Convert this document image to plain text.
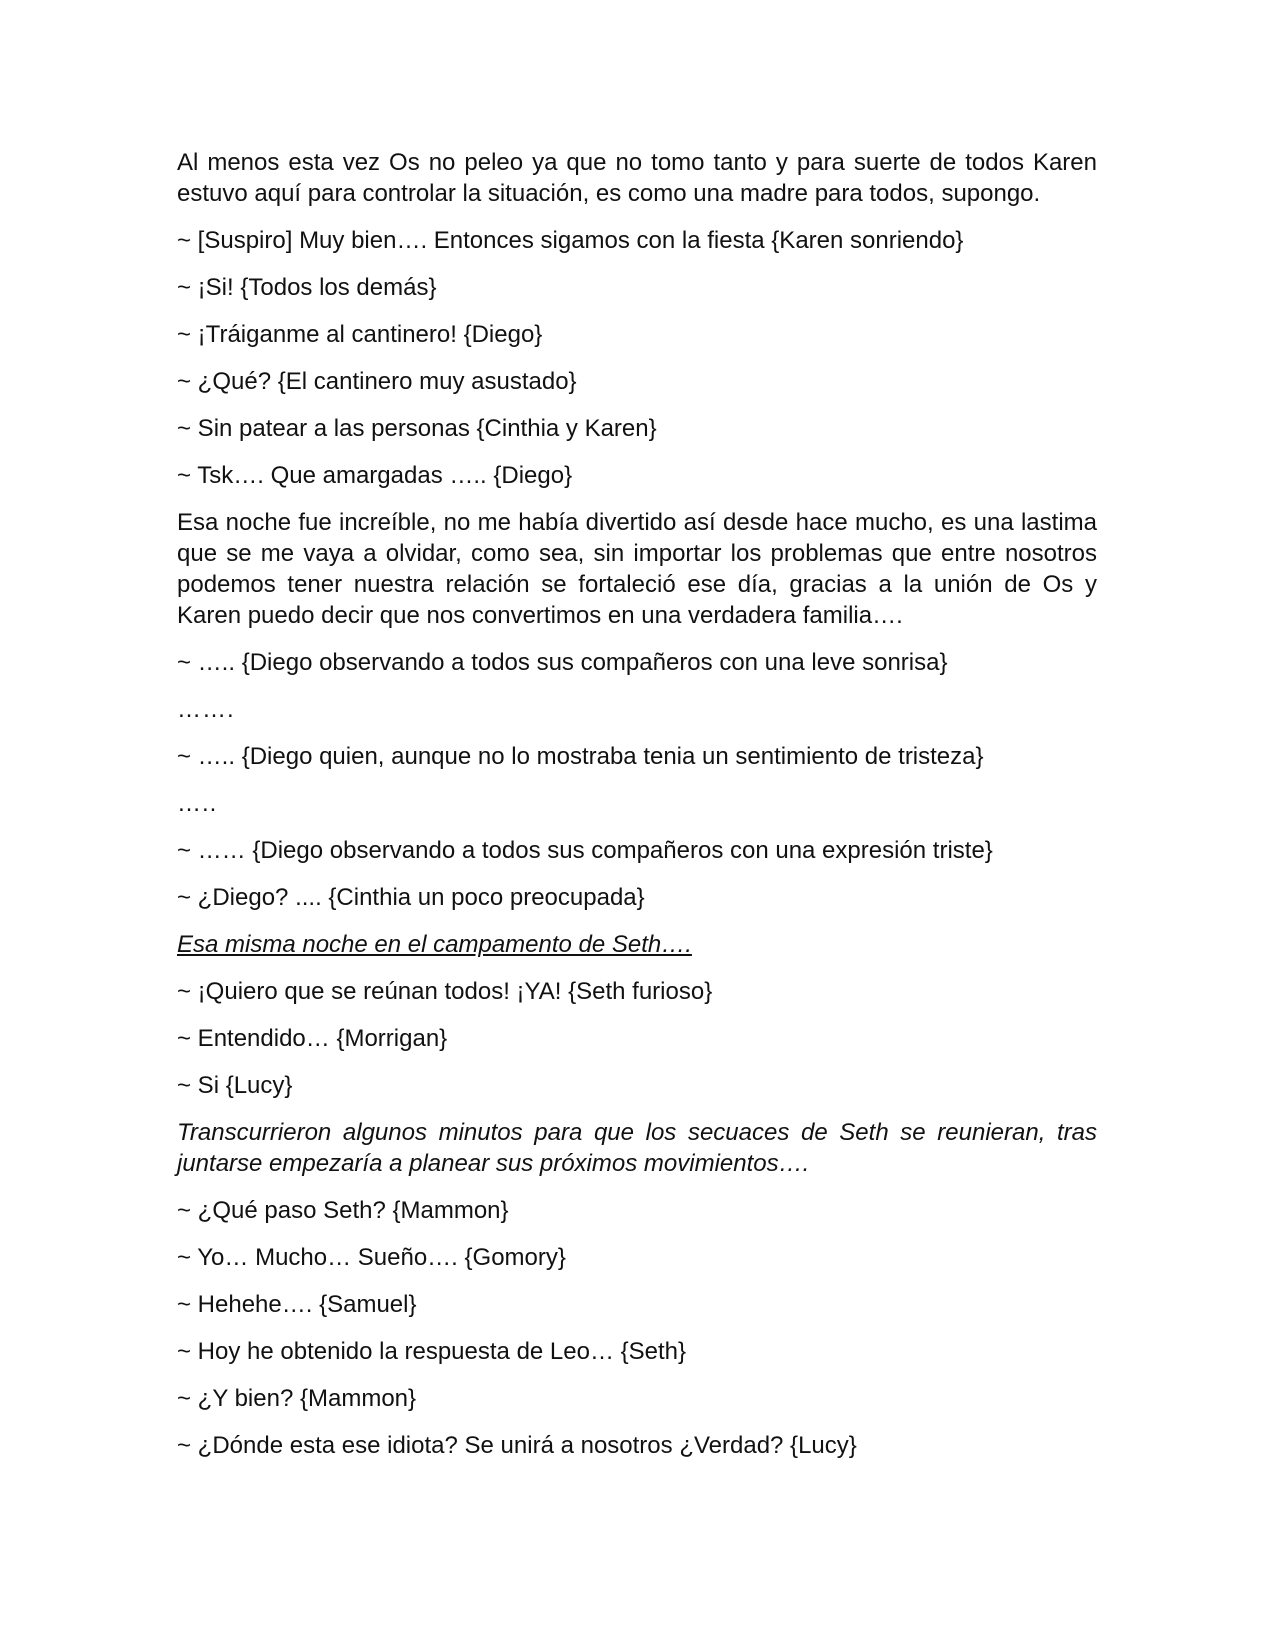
Al menos esta vez Os no peleo ya que no tomo tanto y para suerte de todos Karen estuvo aquí para controlar la situación, es como una madre para todos, supongo.

~ [Suspiro] Muy bien…. Entonces sigamos con la fiesta {Karen sonriendo}
~ ¡Si! {Todos los demás}
~ ¡Tráiganme al cantinero! {Diego}
~ ¿Qué? {El cantinero muy asustado}
~ Sin patear a las personas {Cinthia y Karen}
~ Tsk…. Que amargadas ….. {Diego}

Esa noche fue increíble, no me había divertido así desde hace mucho, es una lastima que se me vaya a olvidar, como sea, sin importar los problemas que entre nosotros podemos tener nuestra relación se fortaleció ese día, gracias a la unión de Os y Karen puedo decir que nos convertimos en una verdadera familia….

~ ….. {Diego observando a todos sus compañeros con una leve sonrisa}
…….
~ ….. {Diego quien, aunque no lo mostraba tenia un sentimiento de tristeza}
…..
~ …… {Diego observando a todos sus compañeros con una expresión triste}
~ ¿Diego? .... {Cinthia un poco preocupada}
Esa misma noche en el campamento de Seth….
~ ¡Quiero que se reúnan todos! ¡YA! {Seth furioso}
~ Entendido… {Morrigan}
~ Si {Lucy}

Transcurrieron algunos minutos para que los secuaces de Seth se reunieran, tras juntarse empezaría a planear sus próximos movimientos….

~ ¿Qué paso Seth? {Mammon}
~ Yo… Mucho… Sueño…. {Gomory}
~ Hehehe…. {Samuel}
~ Hoy he obtenido la respuesta de Leo… {Seth}
~ ¿Y bien? {Mammon}
~ ¿Dónde esta ese idiota? Se unirá a nosotros ¿Verdad? {Lucy}
